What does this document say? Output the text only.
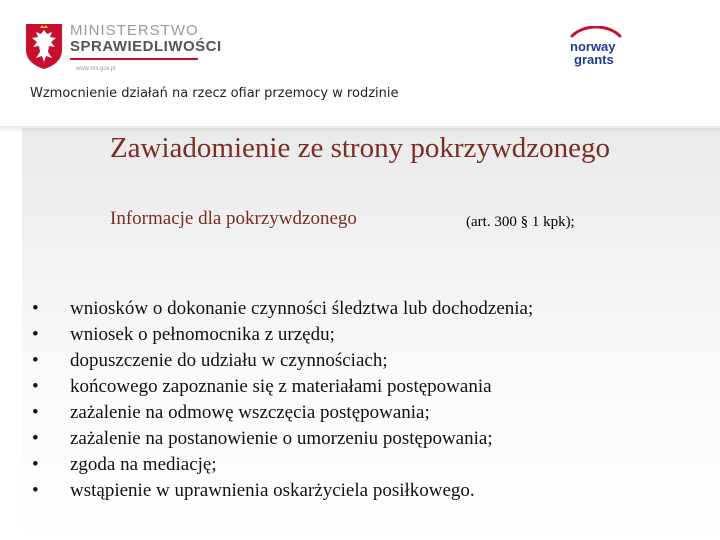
MINISTERSTWO
SPRAWIEDLIWOŚCI
www.ms.gov.pl
norway
grants
Wzmocnienie działań na rzecz ofiar przemocy w rodzinie
Zawiadomienie ze strony pokrzywdzonego
Informacje dla pokrzywdzonego	(art. 300 § 1 kpk);
• wniosków o dokonanie czynności śledztwa lub dochodzenia;
• wniosek o pełnomocnika z urzędu;
• dopuszczenie do udziału w czynnościach;
• końcowego zapoznanie się z materiałami postępowania
• zażalenie na odmowę wszczęcia postępowania;
• zażalenie na postanowienie o umorzeniu postępowania;
• zgoda na mediację;
• wstąpienie w uprawnienia oskarżyciela posiłkowego.
